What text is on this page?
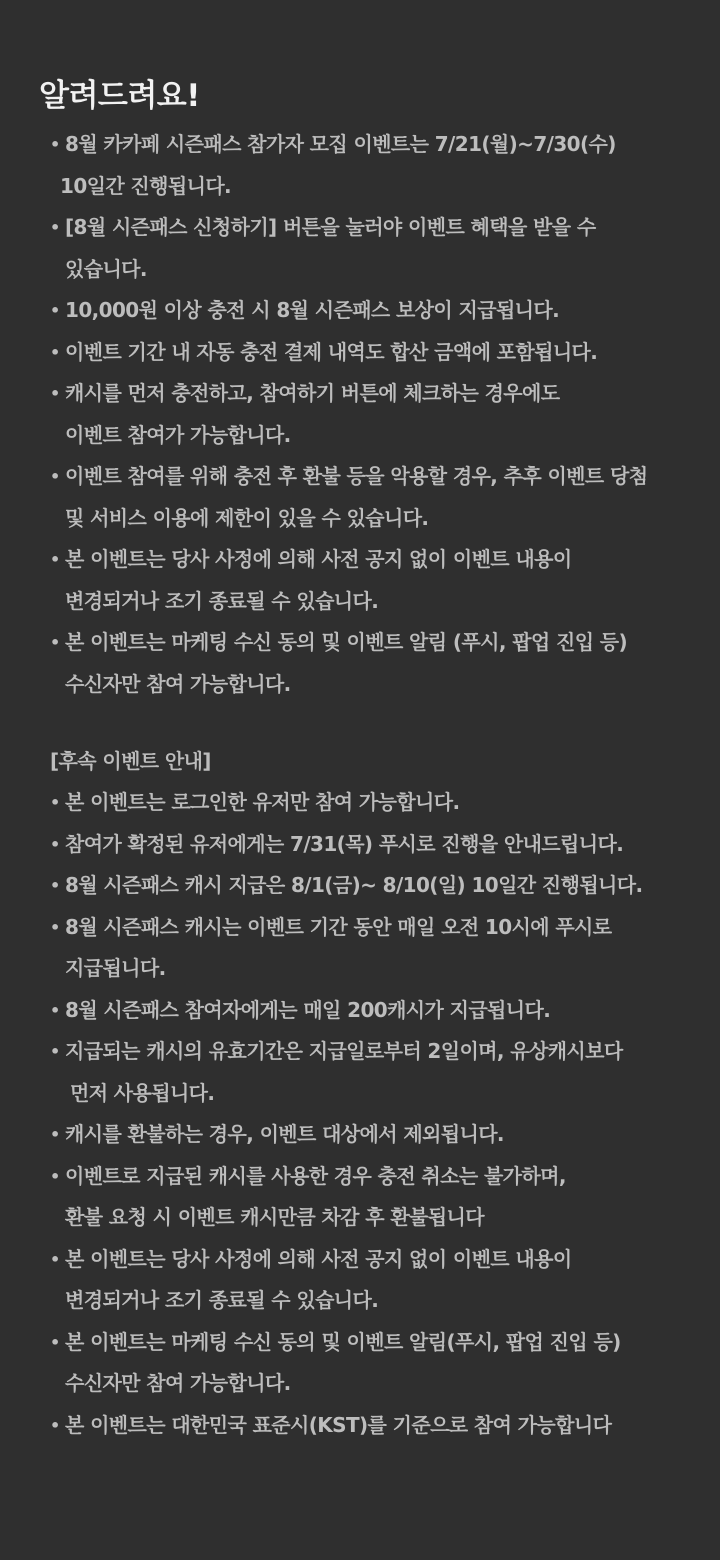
알려드려요!
• 8월 카카페 시즌패스 참가자 모집 이벤트는 7/21(월)~7/30(수)
10일간 진행됩니다.
• [8월 시즌패스 신청하기] 버튼을 눌러야 이벤트 혜택을 받을 수
있습니다.
• 10,000원 이상 충전 시 8월 시즌패스 보상이 지급됩니다.
• 이벤트 기간 내 자동 충전 결제 내역도 합산 금액에 포함됩니다.
• 캐시를 먼저 충전하고, 참여하기 버튼에 체크하는 경우에도
이벤트 참여가 가능합니다.
• 이벤트 참여를 위해 충전 후 환불 등을 악용할 경우, 추후 이벤트 당첨
및 서비스 이용에 제한이 있을 수 있습니다.
• 본 이벤트는 당사 사정에 의해 사전 공지 없이 이벤트 내용이
변경되거나 조기 종료될 수 있습니다.
• 본 이벤트는 마케팅 수신 동의 및 이벤트 알림 (푸시, 팝업 진입 등)
수신자만 참여 가능합니다.
[후속 이벤트 안내]
• 본 이벤트는 로그인한 유저만 참여 가능합니다.
• 참여가 확정된 유저에게는 7/31(목) 푸시로 진행을 안내드립니다.
• 8월 시즌패스 캐시 지급은 8/1(금)~ 8/10(일) 10일간 진행됩니다.
• 8월 시즌패스 캐시는 이벤트 기간 동안 매일 오전 10시에 푸시로
지급됩니다.
• 8월 시즌패스 참여자에게는 매일 200캐시가 지급됩니다.
• 지급되는 캐시의 유효기간은 지급일로부터 2일이며, 유상캐시보다
먼저 사용됩니다.
• 캐시를 환불하는 경우, 이벤트 대상에서 제외됩니다.
• 이벤트로 지급된 캐시를 사용한 경우 충전 취소는 불가하며,
환불 요청 시 이벤트 캐시만큼 차감 후 환불됩니다
• 본 이벤트는 당사 사정에 의해 사전 공지 없이 이벤트 내용이
변경되거나 조기 종료될 수 있습니다.
• 본 이벤트는 마케팅 수신 동의 및 이벤트 알림(푸시, 팝업 진입 등)
수신자만 참여 가능합니다.
• 본 이벤트는 대한민국 표준시(KST)를 기준으로 참여 가능합니다
